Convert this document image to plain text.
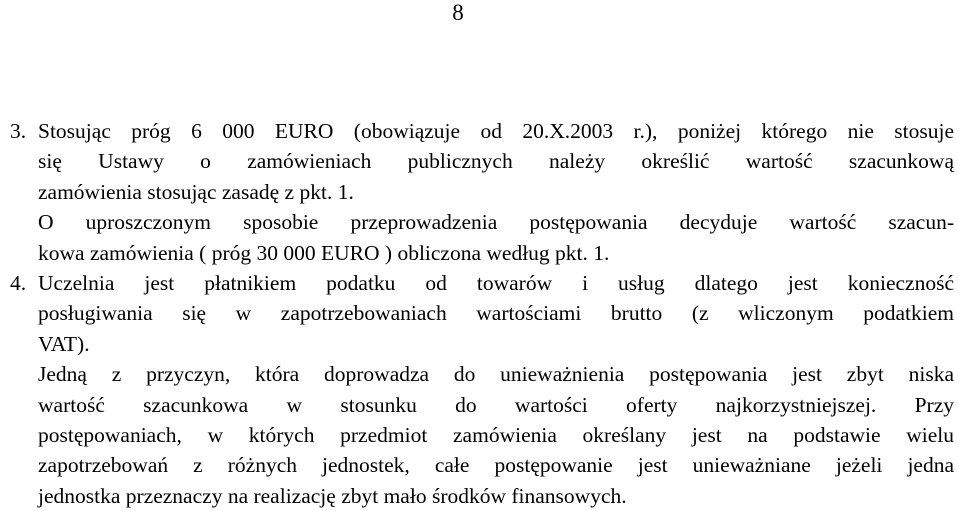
8
3. Stosując próg 6 000 EURO (obowiązuje od 20.X.2003 r.), poniżej którego nie stosuje
się Ustawy o zamówieniach publicznych należy określić wartość szacunkową
zamówienia stosując zasadę z pkt. 1.
O uproszczonym sposobie przeprowadzenia postępowania decyduje wartość szacun-
kowa zamówienia ( próg 30 000 EURO ) obliczona według pkt. 1.
4. Uczelnia jest płatnikiem podatku od towarów i usług dlatego jest konieczność
posługiwania się w zapotrzebowaniach wartościami brutto (z wliczonym podatkiem
VAT).
Jedną z przyczyn, która doprowadza do unieważnienia postępowania jest zbyt niska
wartość szacunkowa w stosunku do wartości oferty najkorzystniejszej. Przy
postępowaniach, w których przedmiot zamówienia określany jest na podstawie wielu
zapotrzebowań z różnych jednostek, całe postępowanie jest unieważniane jeżeli jedna
jednostka przeznaczy na realizację zbyt mało środków finansowych.
